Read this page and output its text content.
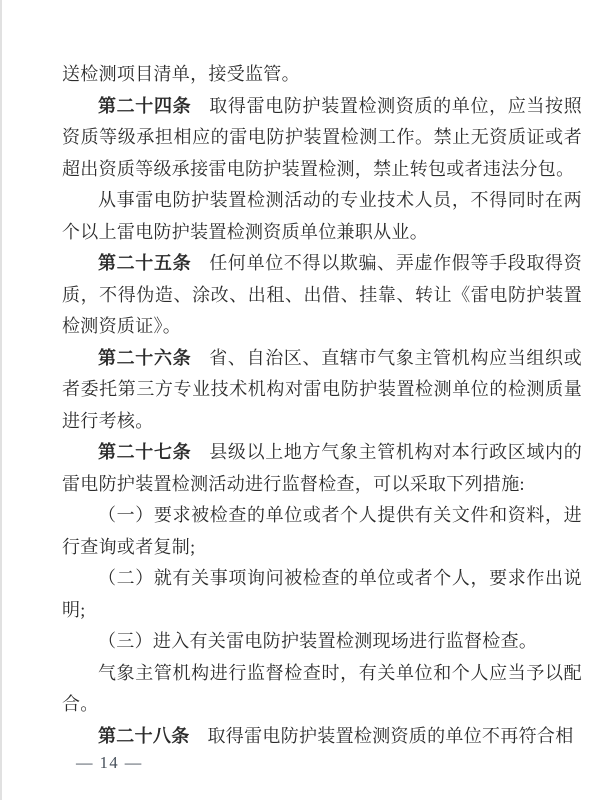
送检测项目清单，接受监管。

第二十四条 取得雷电防护装置检测资质的单位，应当按照资质等级承担相应的雷电防护装置检测工作。禁止无资质证或者超出资质等级承接雷电防护装置检测，禁止转包或者违法分包。

从事雷电防护装置检测活动的专业技术人员，不得同时在两个以上雷电防护装置检测资质单位兼职从业。

第二十五条 任何单位不得以欺骗、弄虚作假等手段取得资质，不得伪造、涂改、出租、出借、挂靠、转让《雷电防护装置检测资质证》。

第二十六条 省、自治区、直辖市气象主管机构应当组织或者委托第三方专业技术机构对雷电防护装置检测单位的检测质量进行考核。

第二十七条 县级以上地方气象主管机构对本行政区域内的雷电防护装置检测活动进行监督检查，可以采取下列措施:

（一）要求被检查的单位或者个人提供有关文件和资料，进行查询或者复制;

（二）就有关事项询问被检查的单位或者个人，要求作出说明;

（三）进入有关雷电防护装置检测现场进行监督检查。

气象主管机构进行监督检查时，有关单位和个人应当予以配合。

第二十八条 取得雷电防护装置检测资质的单位不再符合相

— 14 —
